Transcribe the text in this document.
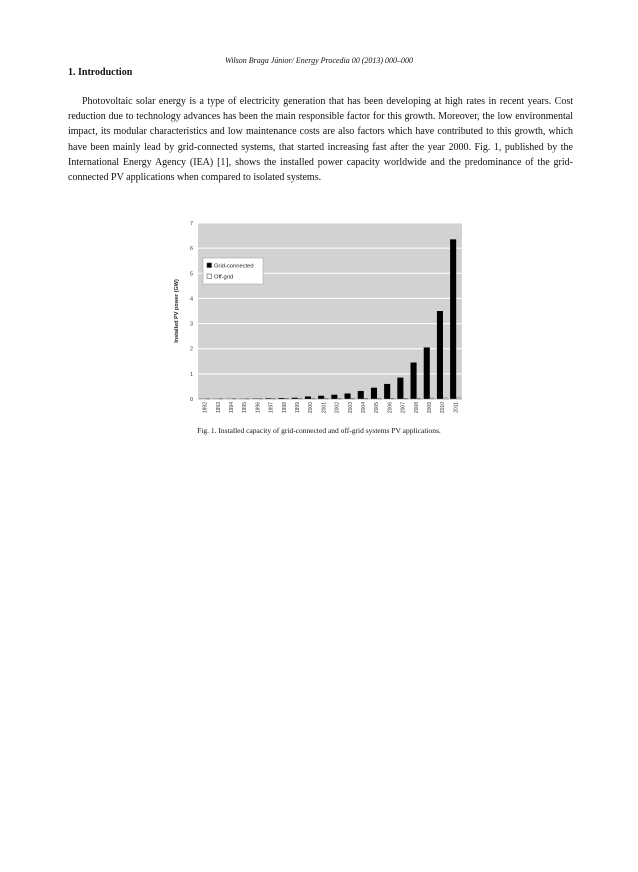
Wilson Braga Júnior/ Energy Procedia 00 (2013) 000–000
1. Introduction

Photovoltaic solar energy is a type of electricity generation that has been developing at high rates in recent years. Cost reduction due to technology advances has been the main responsible factor for this growth. Moreover, the low environmental impact, its modular characteristics and low maintenance costs are also factors which have contributed to this growth, which have been mainly lead by grid-connected systems, that started increasing fast after the year 2000. Fig. 1, published by the International Energy Agency (IEA) [1], shows the installed power capacity worldwide and the predominance of the grid-connected PV applications when compared to isolated systems.

0
1
2
3
4
5
6
7
Installed PV power (GW)
1992 1993 1994 1995 1996 1997 1998 1999 2000 2001 2002 2003 2004 2005 2006 2007 2008 2009 2010 2011
Grid-connected
Off-grid

Fig. 1. Installed capacity of grid-connected and off-grid systems PV applications.
